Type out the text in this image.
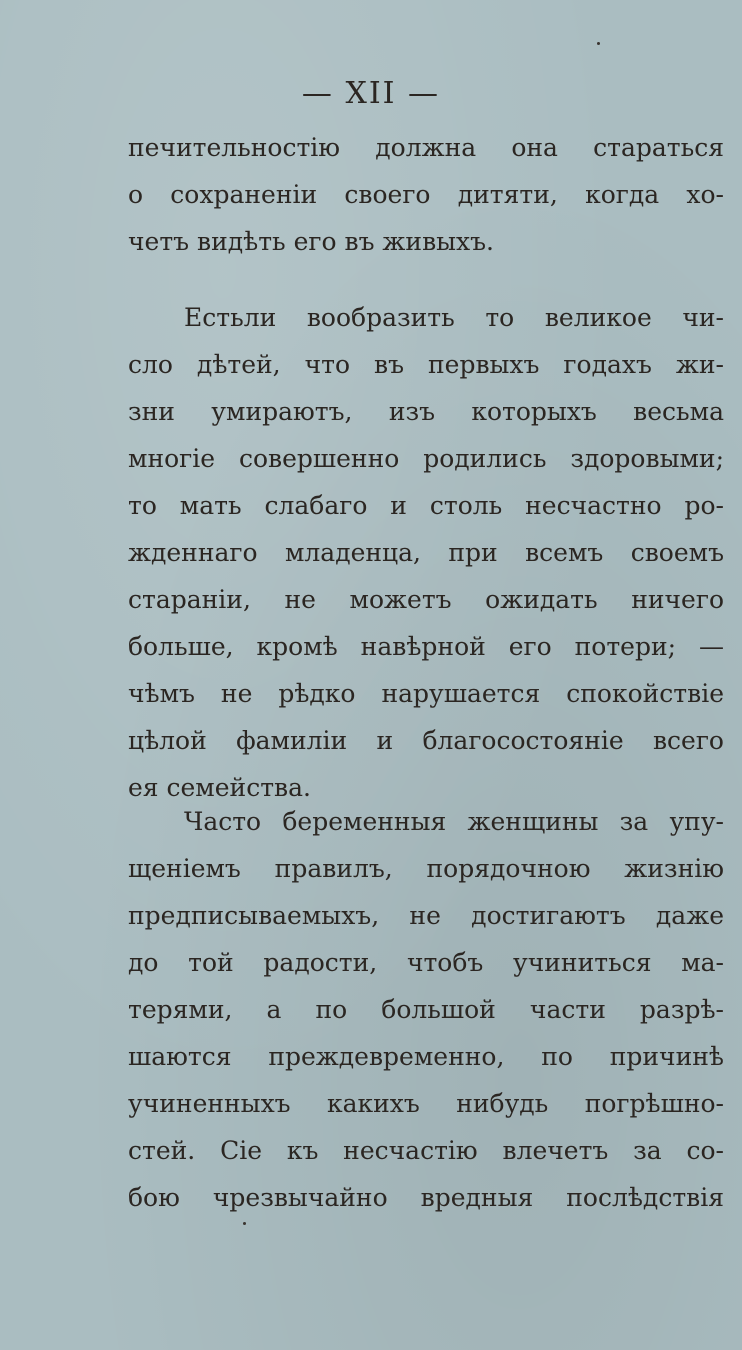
— XII —
печительностію должна она стараться
о сохраненіи своего дитяти, когда хо-
четъ видѣть его въ живыхъ.
Естьли вообразить то великое чи-
сло дѣтей, что въ первыхъ годахъ жи-
зни умираютъ, изъ которыхъ весьма
многіе совершенно родились здоровыми;
то мать слабаго и столь несчастно ро-
жденнаго младенца, при всемъ своемъ
стараніи, не можетъ ожидать ничего
больше, кромѣ навѣрной его потери; —
чѣмъ не рѣдко нарушается спокойствіе
цѣлой фамиліи и благосостояніе всего
ея семейства.
Часто беременныя женщины за упу-
щеніемъ правилъ, порядочною жизнію
предписываемыхъ, не достигаютъ даже
до той радости, чтобъ учиниться ма-
терями, а по большой части разрѣ-
шаются преждевременно, по причинѣ
учиненныхъ какихъ нибудь погрѣшно-
стей. Сіе къ несчастію влечетъ за со-
бою чрезвычайно вредныя послѣдствія
